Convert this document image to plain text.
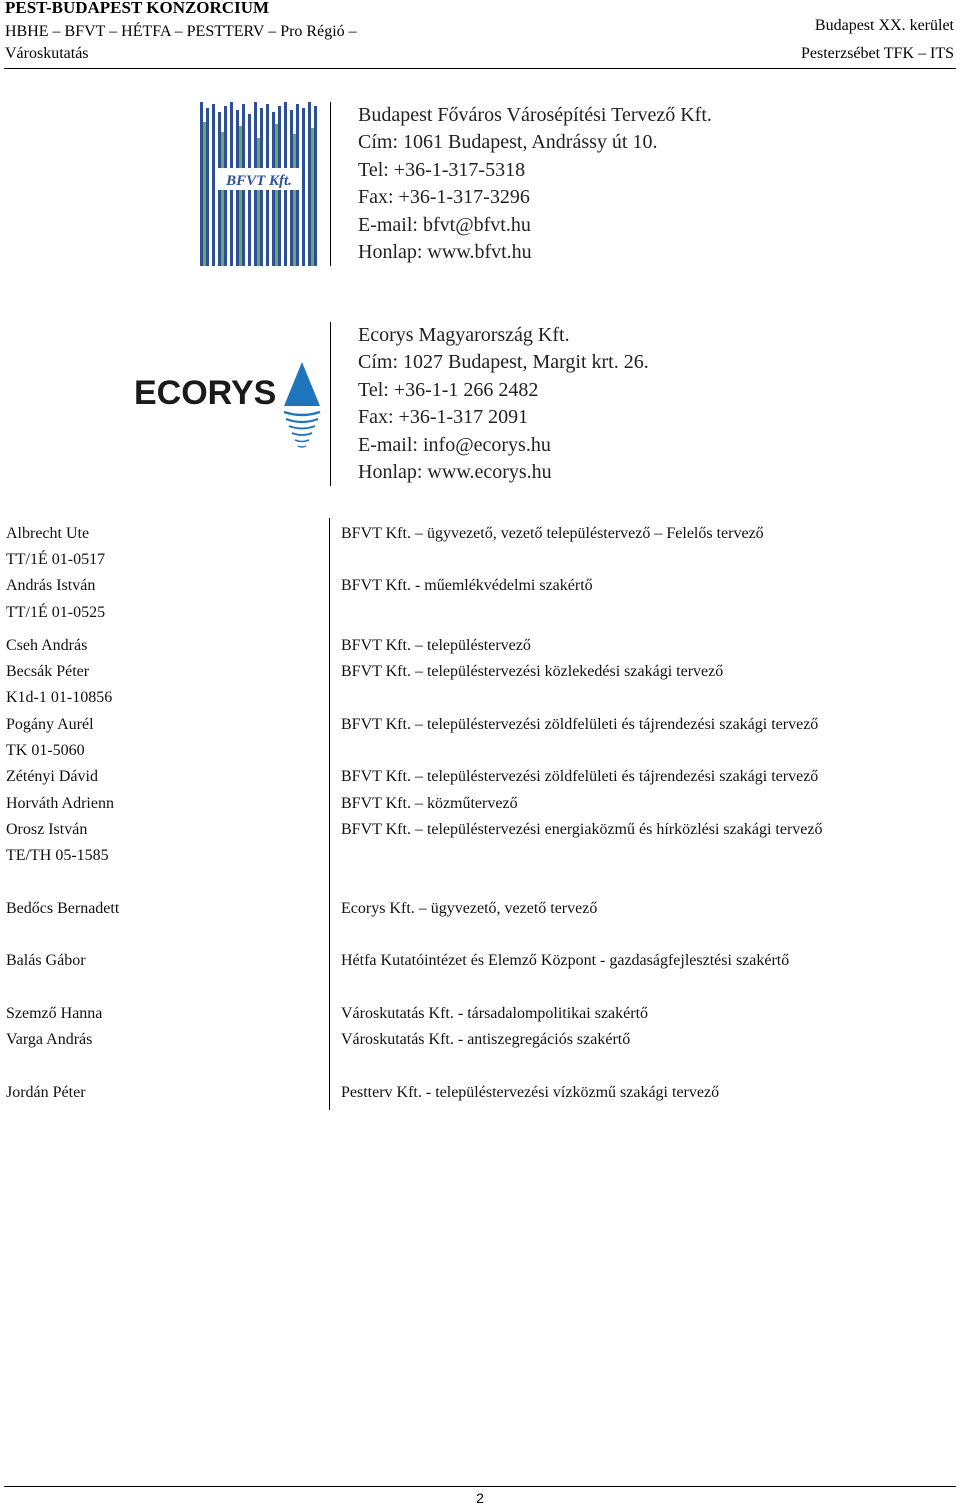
PEST-BUDAPEST KONZORCIUM
HBHE – BFVT – HÉTFA – PESTTERV – Pro Régió –
Városkutatás
Budapest XX. kerület
Pesterzsébet TFK – ITS
BFVT Kft.
Budapest Főváros Városépítési Tervező Kft.
Cím: 1061 Budapest, Andrássy út 10.
Tel: +36-1-317-5318
Fax: +36-1-317-3296
E-mail: bfvt@bfvt.hu
Honlap: www.bfvt.hu
ECORYS
Ecorys Magyarország Kft.
Cím: 1027 Budapest, Margit krt. 26.
Tel: +36-1-1 266 2482
Fax: +36-1-317 2091
E-mail: info@ecorys.hu
Honlap: www.ecorys.hu
Albrecht Ute
TT/1É 01-0517
András István
TT/1É 01-0525
Cseh András
Becsák Péter
K1d-1 01-10856
Pogány Aurél
TK 01-5060
Zétényi Dávid
Horváth Adrienn
Orosz István
TE/TH 05-1585
Bedőcs Bernadett
Balás Gábor
Szemző Hanna
Varga András
Jordán Péter
BFVT Kft. – ügyvezető, vezető településtervező – Felelős tervező
BFVT Kft. - műemlékvédelmi szakértő
BFVT Kft. – településtervező
BFVT Kft. – településtervezési közlekedési szakági tervező
BFVT Kft. – településtervezési zöldfelületi és tájrendezési szakági tervező
BFVT Kft. – településtervezési zöldfelületi és tájrendezési szakági tervező
BFVT Kft. – közműtervező
BFVT Kft. – településtervezési energiaközmű és hírközlési szakági tervező
Ecorys Kft. – ügyvezető, vezető tervező
Hétfa Kutatóintézet és Elemző Központ - gazdaságfejlesztési szakértő
Városkutatás Kft. - társadalompolitikai szakértő
Városkutatás Kft. - antiszegregációs szakértő
Pestterv Kft. - településtervezési vízközmű szakági tervező
2
